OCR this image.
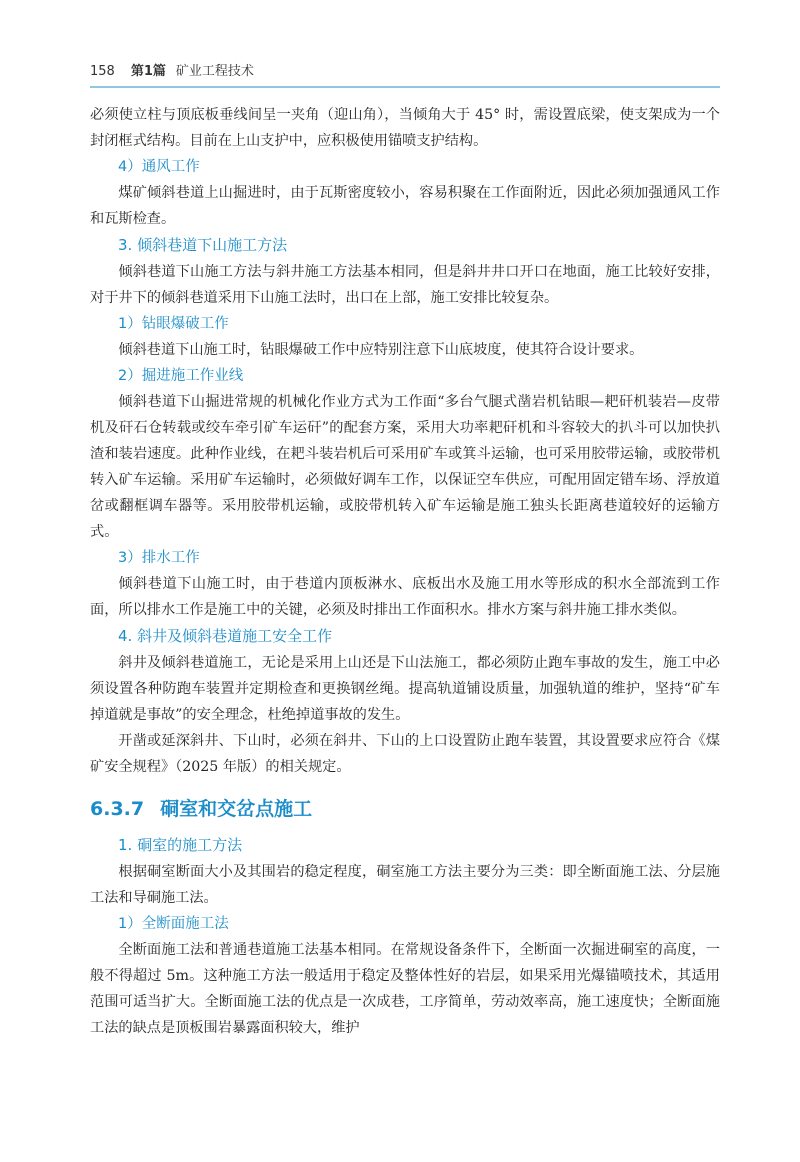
158 第1篇 矿业工程技术

必须使立柱与顶底板垂线间呈一夹角（迎山角），当倾角大于 45° 时，需设置底梁，使支架成为一个封闭框式结构。目前在上山支护中，应积极使用锚喷支护结构。

4）通风工作

煤矿倾斜巷道上山掘进时，由于瓦斯密度较小，容易积聚在工作面附近，因此必须加强通风工作和瓦斯检查。

3. 倾斜巷道下山施工方法

倾斜巷道下山施工方法与斜井施工方法基本相同，但是斜井井口开口在地面，施工比较好安排，对于井下的倾斜巷道采用下山施工法时，出口在上部，施工安排比较复杂。

1）钻眼爆破工作

倾斜巷道下山施工时，钻眼爆破工作中应特别注意下山底坡度，使其符合设计要求。

2）掘进施工作业线

倾斜巷道下山掘进常规的机械化作业方式为工作面“多台气腿式凿岩机钻眼—耙矸机装岩—皮带机及矸石仓转载或绞车牵引矿车运矸”的配套方案，采用大功率耙矸机和斗容较大的扒斗可以加快扒渣和装岩速度。此种作业线，在耙斗装岩机后可采用矿车或箕斗运输，也可采用胶带运输，或胶带机转入矿车运输。采用矿车运输时，必须做好调车工作，以保证空车供应，可配用固定错车场、浮放道岔或翻框调车器等。采用胶带机运输，或胶带机转入矿车运输是施工独头长距离巷道较好的运输方式。

3）排水工作

倾斜巷道下山施工时，由于巷道内顶板淋水、底板出水及施工用水等形成的积水全部流到工作面，所以排水工作是施工中的关键，必须及时排出工作面积水。排水方案与斜井施工排水类似。

4. 斜井及倾斜巷道施工安全工作

斜井及倾斜巷道施工，无论是采用上山还是下山法施工，都必须防止跑车事故的发生，施工中必须设置各种防跑车装置并定期检查和更换钢丝绳。提高轨道铺设质量，加强轨道的维护，坚持“矿车掉道就是事故”的安全理念，杜绝掉道事故的发生。

开凿或延深斜井、下山时，必须在斜井、下山的上口设置防止跑车装置，其设置要求应符合《煤矿安全规程》（2025 年版）的相关规定。

6.3.7 硐室和交岔点施工

1. 硐室的施工方法

根据硐室断面大小及其围岩的稳定程度，硐室施工方法主要分为三类：即全断面施工法、分层施工法和导硐施工法。

1）全断面施工法

全断面施工法和普通巷道施工法基本相同。在常规设备条件下，全断面一次掘进硐室的高度，一般不得超过 5m。这种施工方法一般适用于稳定及整体性好的岩层，如果采用光爆锚喷技术，其适用范围可适当扩大。全断面施工法的优点是一次成巷，工序简单，劳动效率高，施工速度快；全断面施工法的缺点是顶板围岩暴露面积较大，维护
